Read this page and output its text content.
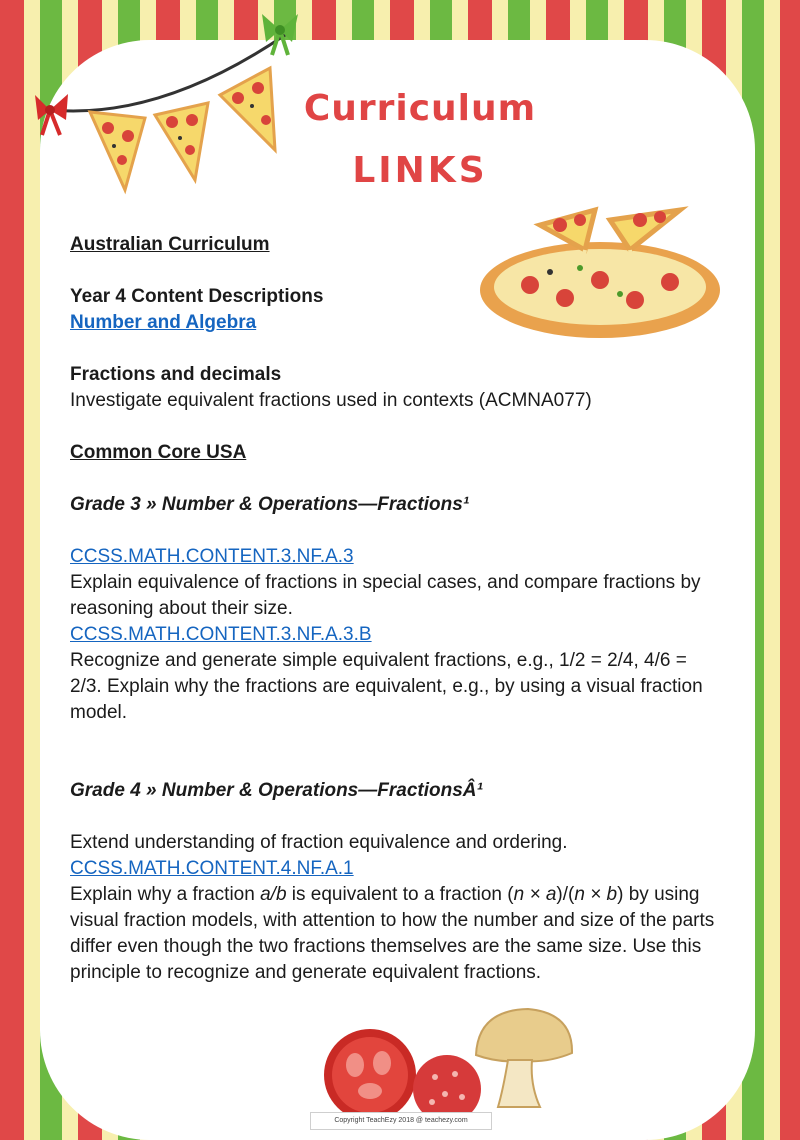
Curriculum
LINKS

Australian Curriculum

Year 4 Content Descriptions

Number and Algebra

Fractions and decimals

Investigate equivalent fractions used in contexts (ACMNA077)

Common Core USA

Grade 3 » Number & Operations—Fractions¹

CCSS.MATH.CONTENT.3.NF.A.3

Explain equivalence of fractions in special cases, and compare fractions by reasoning about their size.

CCSS.MATH.CONTENT.3.NF.A.3.B

Recognize and generate simple equivalent fractions, e.g., 1/2 = 2/4, 4/6 = 2/3. Explain why the fractions are equivalent, e.g., by using a visual fraction model.

Grade 4 » Number & Operations—FractionsÂ¹

Extend understanding of fraction equivalence and ordering.

CCSS.MATH.CONTENT.4.NF.A.1

Explain why a fraction a/b is equivalent to a fraction (n × a)/(n × b) by using visual fraction models, with attention to how the number and size of the parts differ even though the two fractions themselves are the same size. Use this principle to recognize and generate equivalent fractions.

Copyright TeachEzy 2018 @ teachezy.com
